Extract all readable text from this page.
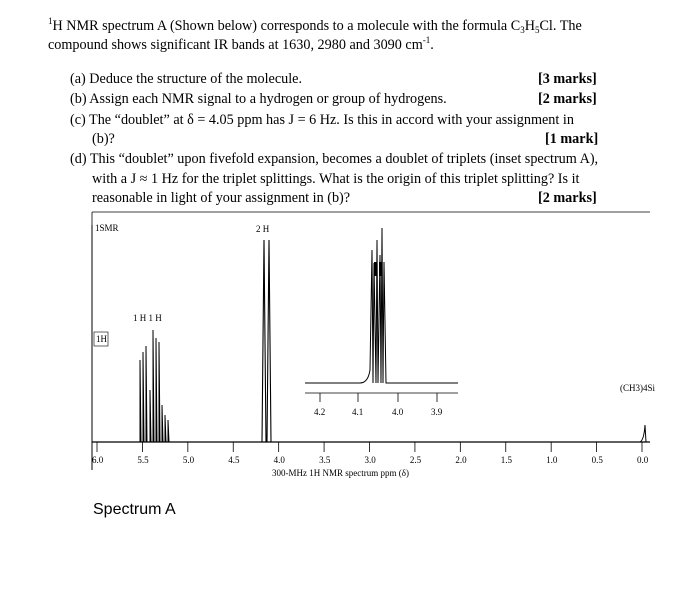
$^1$H NMR spectrum A (Shown below) corresponds to a molecule with the formula $C_3H_5Cl$. The
compound shows significant IR bands at 1630, 2980 and 3090 $cm^{-1}$.
(a) Deduce the structure of the molecule.	[3 marks]
(b) Assign each NMR signal to a hydrogen or group of hydrogens.	[2 marks]
(c) The “doublet” at δ = 4.05 ppm has J = 6 Hz. Is this in accord with your assignment in
(b)?	[1 mark]
(d) This “doublet” upon fivefold expansion, becomes a doublet of triplets (inset spectrum A),
with a J ≈ 1 Hz for the triplet splittings. What is the origin of this triplet splitting? Is it
reasonable in light of your assignment in (b)?	[2 marks]
1SMR
1H
2 H
1 H 1 H
4.2	4.1	4.0	3.9
(CH3)4Si
6.0	5.5	5.0	4.5	4.0	3.5	3.0	2.5	2.0	1.5	1.0	0.5	0.0
300-MHz 1H NMR spectrum ppm (δ)
Spectrum A
